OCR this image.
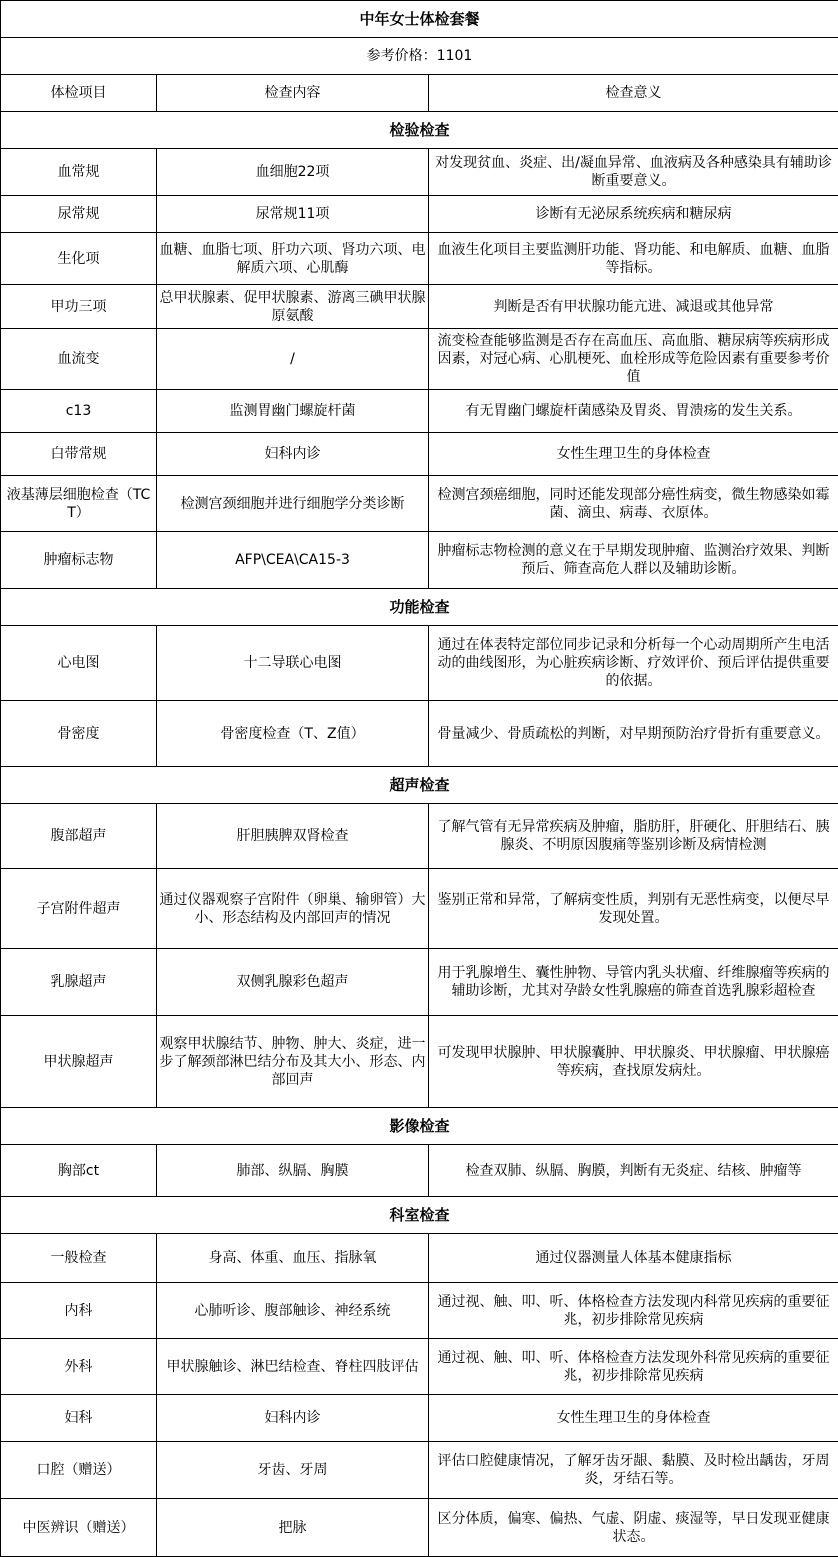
中年女士体检套餐		
参考价格：1101		
体检项目	检查内容	检查意义
检验检查		
血常规	血细胞22项	对发现贫血、炎症、出/凝血异常、血液病及各种感染具有辅助诊断重要意义。
尿常规	尿常规11项	诊断有无泌尿系统疾病和糖尿病
生化项	血糖、血脂七项、肝功六项、肾功六项、电解质六项、心肌酶	血液生化项目主要监测肝功能、肾功能、和电解质、血糖、血脂等指标。
甲功三项	总甲状腺素、促甲状腺素、游离三碘甲状腺原氨酸	判断是否有甲状腺功能亢进、减退或其他异常
血流变	/	流变检查能够监测是否存在高血压、高血脂、糖尿病等疾病形成因素，对冠心病、心肌梗死、血栓形成等危险因素有重要参考价值
c13	监测胃幽门螺旋杆菌	有无胃幽门螺旋杆菌感染及胃炎、胃溃疡的发生关系。
白带常规	妇科内诊	女性生理卫生的身体检查
液基薄层细胞检查（TCT）	检测宫颈细胞并进行细胞学分类诊断	检测宫颈癌细胞，同时还能发现部分癌性病变，微生物感染如霉菌、滴虫、病毒、衣原体。
肿瘤标志物	AFP\CEA\CA15-3	肿瘤标志物检测的意义在于早期发现肿瘤、监测治疗效果、判断预后、筛查高危人群以及辅助诊断。
功能检查		
心电图	十二导联心电图	通过在体表特定部位同步记录和分析每一个心动周期所产生电活动的曲线图形，为心脏疾病诊断、疗效评价、预后评估提供重要的依据。
骨密度	骨密度检查（T、Z值）	骨量减少、骨质疏松的判断，对早期预防治疗骨折有重要意义。
超声检查		
腹部超声	肝胆胰脾双肾检查	了解气管有无异常疾病及肿瘤，脂肪肝，肝硬化、肝胆结石、胰腺炎、不明原因腹痛等鉴别诊断及病情检测
子宫附件超声	通过仪器观察子宫附件（卵巢、输卵管）大小、形态结构及内部回声的情况	鉴别正常和异常，了解病变性质，判别有无恶性病变，以便尽早发现处置。
乳腺超声	双侧乳腺彩色超声	用于乳腺增生、囊性肿物、导管内乳头状瘤、纤维腺瘤等疾病的辅助诊断，尤其对孕龄女性乳腺癌的筛查首选乳腺彩超检查
甲状腺超声	观察甲状腺结节、肿物、肿大、炎症，进一步了解颈部淋巴结分布及其大小、形态、内部回声	可发现甲状腺肿、甲状腺囊肿、甲状腺炎、甲状腺瘤、甲状腺癌等疾病，查找原发病灶。
影像检查		
胸部ct	肺部、纵膈、胸膜	检查双肺、纵膈、胸膜，判断有无炎症、结核、肿瘤等
科室检查		
一般检查	身高、体重、血压、指脉氧	通过仪器测量人体基本健康指标
内科	心肺听诊、腹部触诊、神经系统	通过视、触、叩、听、体格检查方法发现内科常见疾病的重要征兆，初步排除常见疾病
外科	甲状腺触诊、淋巴结检查、脊柱四肢评估	通过视、触、叩、听、体格检查方法发现外科常见疾病的重要征兆，初步排除常见疾病
妇科	妇科内诊	女性生理卫生的身体检查
口腔（赠送）	牙齿、牙周	评估口腔健康情况，了解牙齿牙龈、黏膜、及时检出龋齿，牙周炎，牙结石等。
中医辨识（赠送）	把脉	区分体质，偏寒、偏热、气虚、阴虚、痰湿等，早日发现亚健康状态。
